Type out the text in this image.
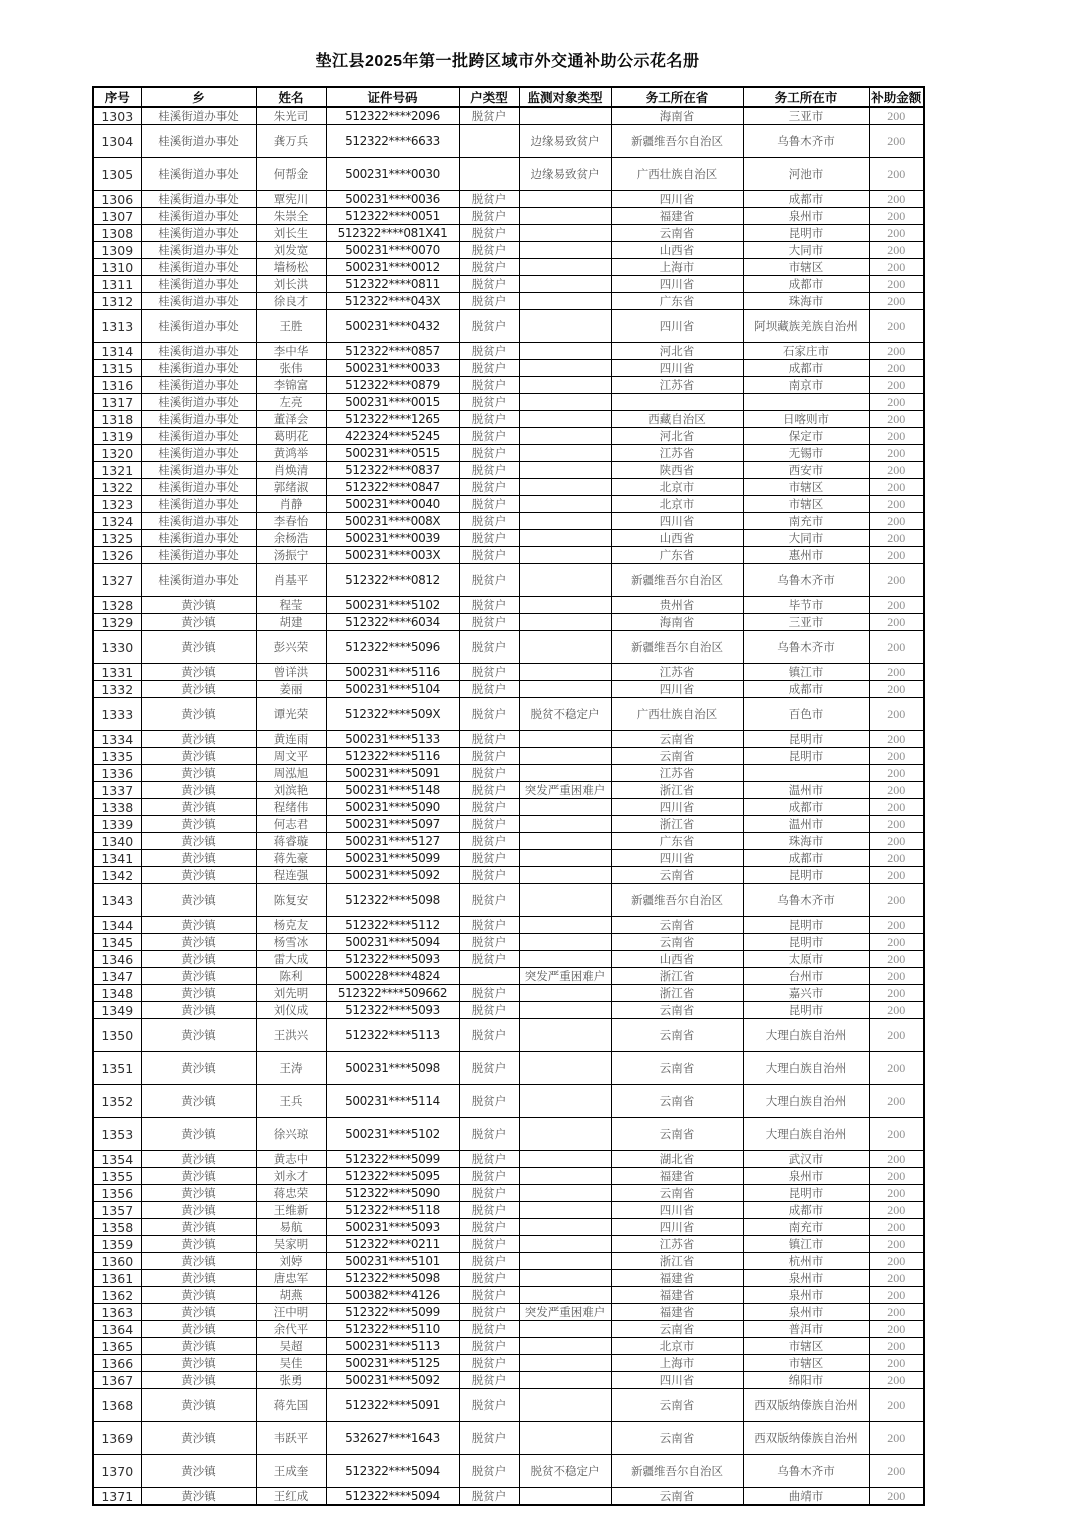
垫江县2025年第一批跨区域市外交通补助公示花名册
序号	乡	姓名	证件号码	户类型	监测对象类型	务工所在省	务工所在市	补助金额
1303	桂溪街道办事处	朱光司	512322****2096	脱贫户		海南省	三亚市	200
1304	桂溪街道办事处	龚万兵	512322****6633		边缘易致贫户	新疆维吾尔自治区	乌鲁木齐市	200
1305	桂溪街道办事处	何帮金	500231****0030		边缘易致贫户	广西壮族自治区	河池市	200
1306	桂溪街道办事处	覃宪川	500231****0036	脱贫户		四川省	成都市	200
1307	桂溪街道办事处	朱崇全	512322****0051	脱贫户		福建省	泉州市	200
1308	桂溪街道办事处	刘长生	512322****081X41	脱贫户		云南省	昆明市	200
1309	桂溪街道办事处	刘发宽	500231****0070	脱贫户		山西省	大同市	200
1310	桂溪街道办事处	墙杨松	500231****0012	脱贫户		上海市	市辖区	200
1311	桂溪街道办事处	刘长洪	512322****0811	脱贫户		四川省	成都市	200
1312	桂溪街道办事处	徐良才	512322****043X	脱贫户		广东省	珠海市	200
1313	桂溪街道办事处	王胜	500231****0432	脱贫户		四川省	阿坝藏族羌族自治州	200
1314	桂溪街道办事处	李中华	512322****0857	脱贫户		河北省	石家庄市	200
1315	桂溪街道办事处	张伟	500231****0033	脱贫户		四川省	成都市	200
1316	桂溪街道办事处	李锦富	512322****0879	脱贫户		江苏省	南京市	200
1317	桂溪街道办事处	左亮	500231****0015	脱贫户				200
1318	桂溪街道办事处	董泽会	512322****1265	脱贫户		西藏自治区	日喀则市	200
1319	桂溪街道办事处	葛明花	422324****5245	脱贫户		河北省	保定市	200
1320	桂溪街道办事处	黄鸿举	500231****0515	脱贫户		江苏省	无锡市	200
1321	桂溪街道办事处	肖焕清	512322****0837	脱贫户		陕西省	西安市	200
1322	桂溪街道办事处	郭绪淑	512322****0847	脱贫户		北京市	市辖区	200
1323	桂溪街道办事处	肖静	500231****0040	脱贫户		北京市	市辖区	200
1324	桂溪街道办事处	李春怡	500231****008X	脱贫户		四川省	南充市	200
1325	桂溪街道办事处	余杨浩	500231****0039	脱贫户		山西省	大同市	200
1326	桂溪街道办事处	汤振宁	500231****003X	脱贫户		广东省	惠州市	200
1327	桂溪街道办事处	肖基平	512322****0812	脱贫户		新疆维吾尔自治区	乌鲁木齐市	200
1328	黄沙镇	程莹	500231****5102	脱贫户		贵州省	毕节市	200
1329	黄沙镇	胡建	512322****6034	脱贫户		海南省	三亚市	200
1330	黄沙镇	彭兴荣	512322****5096	脱贫户		新疆维吾尔自治区	乌鲁木齐市	200
1331	黄沙镇	曾详洪	500231****5116	脱贫户		江苏省	镇江市	200
1332	黄沙镇	姜丽	500231****5104	脱贫户		四川省	成都市	200
1333	黄沙镇	谭光荣	512322****509X	脱贫户	脱贫不稳定户	广西壮族自治区	百色市	200
1334	黄沙镇	黄连雨	500231****5133	脱贫户		云南省	昆明市	200
1335	黄沙镇	周文平	512322****5116	脱贫户		云南省	昆明市	200
1336	黄沙镇	周泓旭	500231****5091	脱贫户		江苏省		200
1337	黄沙镇	刘滨艳	500231****5148	脱贫户	突发严重困难户	浙江省	温州市	200
1338	黄沙镇	程绪伟	500231****5090	脱贫户		四川省	成都市	200
1339	黄沙镇	何志君	500231****5097	脱贫户		浙江省	温州市	200
1340	黄沙镇	蒋睿璇	500231****5127	脱贫户		广东省	珠海市	200
1341	黄沙镇	蒋先豪	500231****5099	脱贫户		四川省	成都市	200
1342	黄沙镇	程连强	500231****5092	脱贫户		云南省	昆明市	200
1343	黄沙镇	陈复安	512322****5098	脱贫户		新疆维吾尔自治区	乌鲁木齐市	200
1344	黄沙镇	杨克友	512322****5112	脱贫户		云南省	昆明市	200
1345	黄沙镇	杨雪冰	500231****5094	脱贫户		云南省	昆明市	200
1346	黄沙镇	雷大成	512322****5093	脱贫户		山西省	太原市	200
1347	黄沙镇	陈利	500228****4824		突发严重困难户	浙江省	台州市	200
1348	黄沙镇	刘先明	512322****509662	脱贫户		浙江省	嘉兴市	200
1349	黄沙镇	刘仪成	512322****5093	脱贫户		云南省	昆明市	200
1350	黄沙镇	王洪兴	512322****5113	脱贫户		云南省	大理白族自治州	200
1351	黄沙镇	王涛	500231****5098	脱贫户		云南省	大理白族自治州	200
1352	黄沙镇	王兵	500231****5114	脱贫户		云南省	大理白族自治州	200
1353	黄沙镇	徐兴琼	500231****5102	脱贫户		云南省	大理白族自治州	200
1354	黄沙镇	黄志中	512322****5099	脱贫户		湖北省	武汉市	200
1355	黄沙镇	刘永才	512322****5095	脱贫户		福建省	泉州市	200
1356	黄沙镇	蒋忠荣	512322****5090	脱贫户		云南省	昆明市	200
1357	黄沙镇	王维新	512322****5118	脱贫户		四川省	成都市	200
1358	黄沙镇	易航	500231****5093	脱贫户		四川省	南充市	200
1359	黄沙镇	吴家明	512322****0211	脱贫户		江苏省	镇江市	200
1360	黄沙镇	刘婷	500231****5101	脱贫户		浙江省	杭州市	200
1361	黄沙镇	唐忠军	512322****5098	脱贫户		福建省	泉州市	200
1362	黄沙镇	胡燕	500382****4126	脱贫户		福建省	泉州市	200
1363	黄沙镇	汪中明	512322****5099	脱贫户	突发严重困难户	福建省	泉州市	200
1364	黄沙镇	余代平	512322****5110	脱贫户		云南省	普洱市	200
1365	黄沙镇	吴超	500231****5113	脱贫户		北京市	市辖区	200
1366	黄沙镇	吴佳	500231****5125	脱贫户		上海市	市辖区	200
1367	黄沙镇	张勇	500231****5092	脱贫户		四川省	绵阳市	200
1368	黄沙镇	蒋先国	512322****5091	脱贫户		云南省	西双版纳傣族自治州	200
1369	黄沙镇	韦跃平	532627****1643	脱贫户		云南省	西双版纳傣族自治州	200
1370	黄沙镇	王成奎	512322****5094	脱贫户	脱贫不稳定户	新疆维吾尔自治区	乌鲁木齐市	200
1371	黄沙镇	王红成	512322****5094	脱贫户		云南省	曲靖市	200
